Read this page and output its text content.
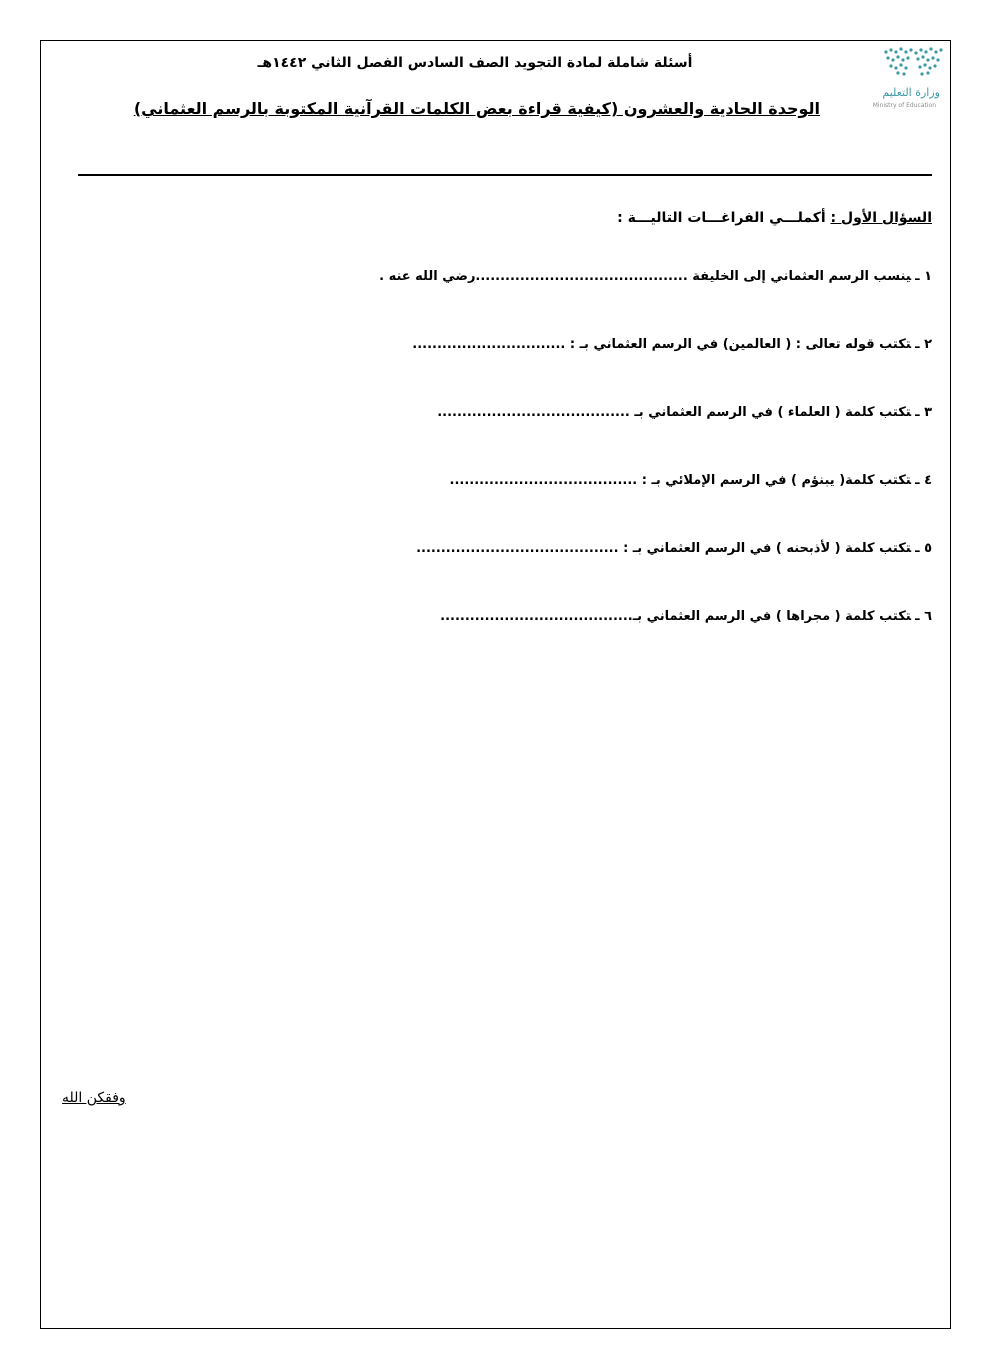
وزارة التعليم
Ministry of Education
أسئلة شاملة لمادة التجويد الصف السادس الفصل الثاني ١٤٤٢هـ
الوحدة الحادية والعشرون (كيفية قراءة بعض الكلمات القرآنية المكتوبة بالرسم العثماني)
السؤال الأول : أكملـــي الفراغـــات التاليـــة :
١ ـينسب الرسم العثماني إلى الخليفة ...........................................رضي الله عنه .
٢ ـتكتب قوله تعالى : ( العالمين) في الرسم العثماني بـ : ...............................
٣ ـتكتب كلمة ( العلماء ) في الرسم العثماني بـ .......................................
٤ ـتكتب كلمة( يبنؤم ) في الرسم الإملائي بـ : ......................................
٥ ـتكتب كلمة ( لأذبحنه ) في الرسم العثماني بـ : .........................................
٦ ـتكتب كلمة ( مجراها ) في الرسم العثماني بـ.......................................
وفقكن الله
